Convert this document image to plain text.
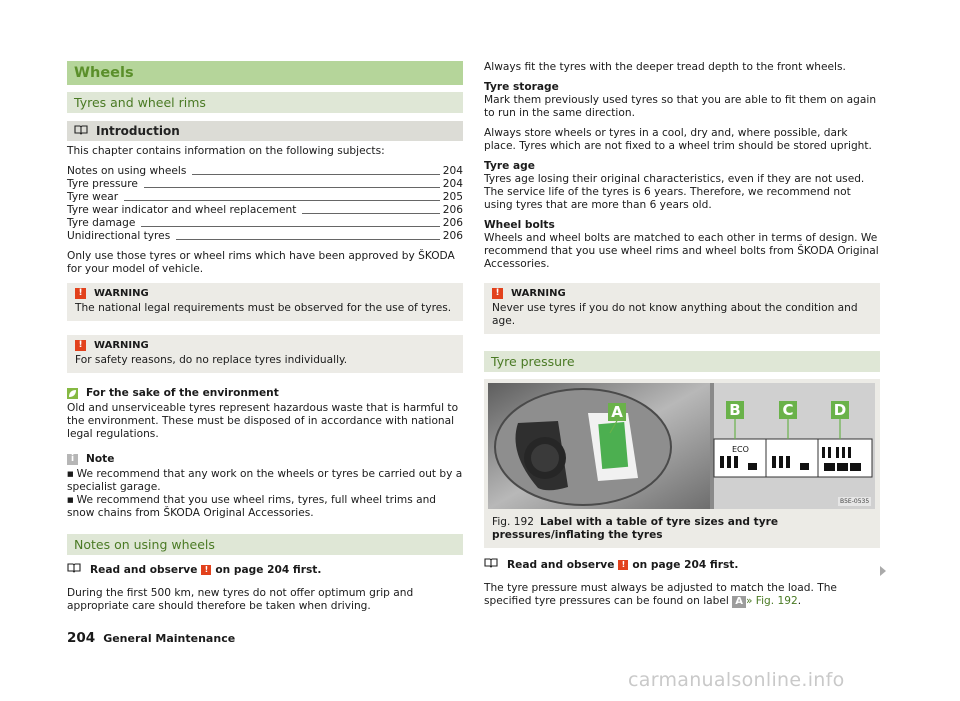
Wheels
Tyres and wheel rims
Introduction

This chapter contains information on the following subjects:

Notes on using wheels	204
Tyre pressure	204
Tyre wear	205
Tyre wear indicator and wheel replacement	206
Tyre damage	206
Unidirectional tyres	206

Only use those tyres or wheel rims which have been approved by ŠKODA for your model of vehicle.

!	WARNING
The national legal requirements must be observed for the use of tyres.
!	WARNING
For safety reasons, do no replace tyres individually.
For the sake of the environment
Old and unserviceable tyres represent hazardous waste that is harmful to the environment. These must be disposed of in accordance with national legal regulations.
i	Note

■ We recommend that any work on the wheels or tyres be carried out by a specialist garage.

■ We recommend that you use wheel rims, tyres, full wheel trims and snow chains from ŠKODA Original Accessories.

Notes on using wheels
Read and observe ! on page 204 first.

During the first 500 km, new tyres do not offer optimum grip and appropriate care should therefore be taken when driving.

Always fit the tyres with the deeper tread depth to the front wheels.

Tyre storage

Mark them previously used tyres so that you are able to fit them on again to run in the same direction.

Always store wheels or tyres in a cool, dry and, where possible, dark place. Tyres which are not fixed to a wheel trim should be stored upright.

Tyre age

Tyres age losing their original characteristics, even if they are not used. The service life of the tyres is 6 years. Therefore, we recommend not using tyres that are more than 6 years old.

Wheel bolts

Wheels and wheel bolts are matched to each other in terms of design. We recommend that you use wheel rims and wheel bolts from ŠKODA Original Accessories.

!	WARNING
Never use tyres if you do not know anything about the condition and age.
Tyre pressure
A	B	C	D
ECO
B5E-0535
Fig. 192 Label with a table of tyre sizes and tyre pressures/inflating the tyres
Read and observe ! on page 204 first.

The tyre pressure must always be adjusted to match the load. The specified tyre pressures can be found on label A » Fig. 192.

204 General Maintenance
carmanualsonline.info
